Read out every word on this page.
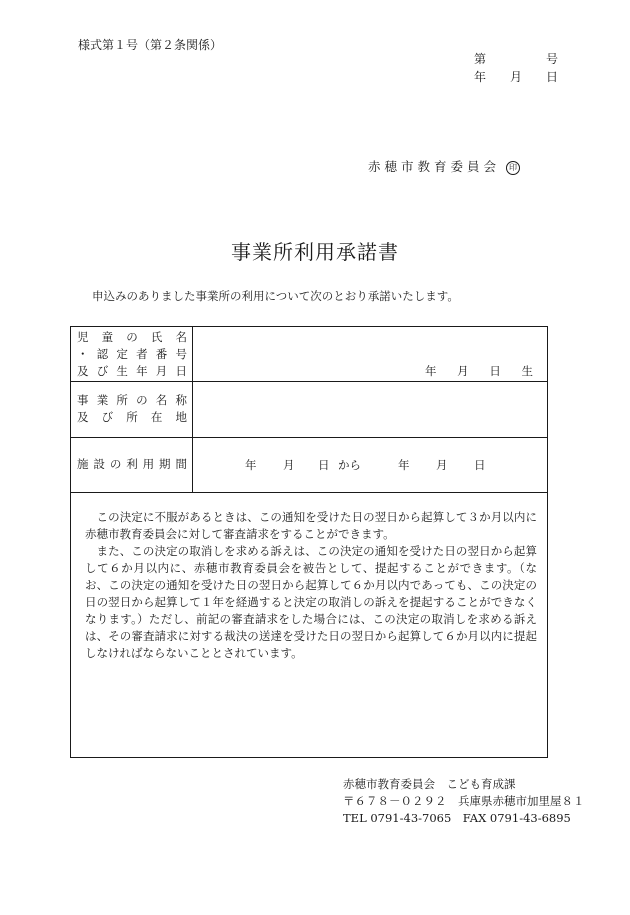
様式第１号（第２条関係）
第	号
年 月 日
赤穂市教育委員会 印
事業所利用承諾書
申込みのありました事業所の利用について次のとおり承諾いたします。
児 童 の 氏 名
・ 認 定 者 番 号
及 び 生 年 月 日	年 月 日 生
事 業 所 の 名 称
及 び 所 在 地
施 設 の 利 用 期 間	年	月	日 から	年	月	日

この決定に不服があるときは、この通知を受けた日の翌日から起算して３か月以内に赤穂市教育委員会に対して審査請求をすることができます。

また、この決定の取消しを求める訴えは、この決定の通知を受けた日の翌日から起算して６か月以内に、赤穂市教育委員会を被告として、提起することができます。（なお、この決定の通知を受けた日の翌日から起算して６か月以内であっても、この決定の日の翌日から起算して１年を経過すると決定の取消しの訴えを提起することができなくなります。）ただし、前記の審査請求をした場合には、この決定の取消しを求める訴えは、その審査請求に対する裁決の送達を受けた日の翌日から起算して６か月以内に提起しなければならないこととされています。

赤穂市教育委員会　こども育成課
〒６７８－０２９２　兵庫県赤穂市加里屋８１
TEL 0791-43-7065　FAX 0791-43-6895
